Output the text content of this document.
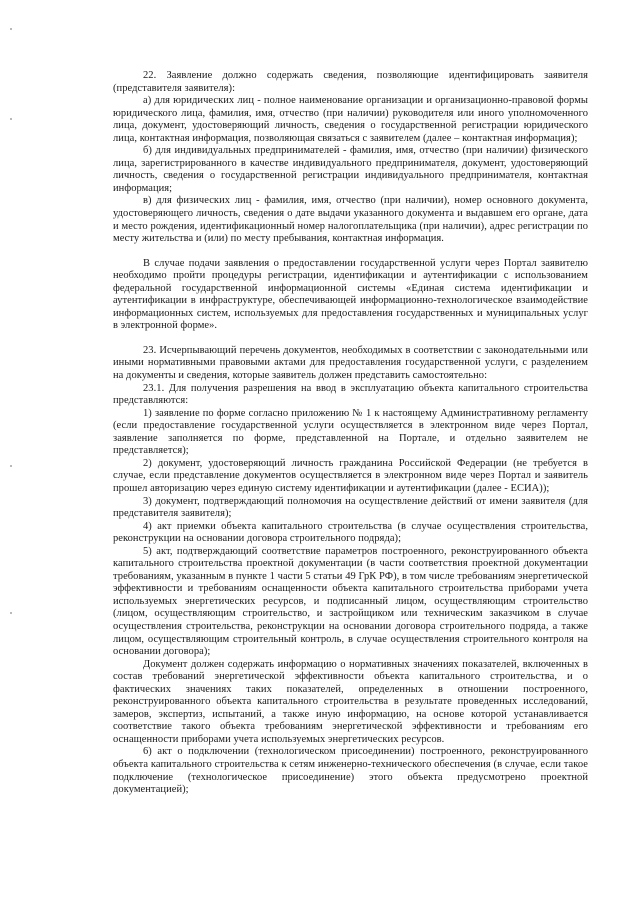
22. Заявление должно содержать сведения, позволяющие идентифицировать заявителя (представителя заявителя):

а) для юридических лиц - полное наименование организации и организационно-правовой формы юридического лица, фамилия, имя, отчество (при наличии) руководителя или иного уполномоченного лица, документ, удостоверяющий личность, сведения о государственной регистрации юридического лица, контактная информация, позволяющая связаться с заявителем (далее – контактная информация);

б) для индивидуальных предпринимателей - фамилия, имя, отчество (при наличии) физического лица, зарегистрированного в качестве индивидуального предпринимателя, документ, удостоверяющий личность, сведения о государственной регистрации индивидуального предпринимателя, контактная информация;

в) для физических лиц - фамилия, имя, отчество (при наличии), номер основного документа, удостоверяющего личность, сведения о дате выдачи указанного документа и выдавшем его органе, дата и место рождения, идентификационный номер налогоплательщика (при наличии), адрес регистрации по месту жительства и (или) по месту пребывания, контактная информация.

В случае подачи заявления о предоставлении государственной услуги через Портал заявителю необходимо пройти процедуры регистрации, идентификации и аутентификации с использованием федеральной государственной информационной системы «Единая система идентификации и аутентификации в инфраструктуре, обеспечивающей информационно-технологическое взаимодействие информационных систем, используемых для предоставления государственных и муниципальных услуг в электронной форме».

23. Исчерпывающий перечень документов, необходимых в соответствии с законодательными или иными нормативными правовыми актами для предоставления государственной услуги, с разделением на документы и сведения, которые заявитель должен представить самостоятельно:

23.1. Для получения разрешения на ввод в эксплуатацию объекта капитального строительства представляются:

1) заявление по форме согласно приложению № 1 к настоящему Административному регламенту (если предоставление государственной услуги осуществляется в электронном виде через Портал, заявление заполняется по форме, представленной на Портале, и отдельно заявителем не представляется);

2) документ, удостоверяющий личность гражданина Российской Федерации (не требуется в случае, если представление документов осуществляется в электронном виде через Портал и заявитель прошел авторизацию через единую систему идентификации и аутентификации (далее - ЕСИА));

3) документ, подтверждающий полномочия на осуществление действий от имени заявителя (для представителя заявителя);

4) акт приемки объекта капитального строительства (в случае осуществления строительства, реконструкции на основании договора строительного подряда);

5) акт, подтверждающий соответствие параметров построенного, реконструированного объекта капитального строительства проектной документации (в части соответствия проектной документации требованиям, указанным в пункте 1 части 5 статьи 49 ГрК РФ), в том числе требованиям энергетической эффективности и требованиям оснащенности объекта капитального строительства приборами учета используемых энергетических ресурсов, и подписанный лицом, осуществляющим строительство (лицом, осуществляющим строительство, и застройщиком или техническим заказчиком в случае осуществления строительства, реконструкции на основании договора строительного подряда, а также лицом, осуществляющим строительный контроль, в случае осуществления строительного контроля на основании договора);

Документ должен содержать информацию о нормативных значениях показателей, включенных в состав требований энергетической эффективности объекта капитального строительства, и о фактических значениях таких показателей, определенных в отношении построенного, реконструированного объекта капитального строительства в результате проведенных исследований, замеров, экспертиз, испытаний, а также иную информацию, на основе которой устанавливается соответствие такого объекта требованиям энергетической эффективности и требованиям его оснащенности приборами учета используемых энергетических ресурсов.

6) акт о подключении (технологическом присоединении) построенного, реконструированного объекта капитального строительства к сетям инженерно-технического обеспечения (в случае, если такое подключение (технологическое присоединение) этого объекта предусмотрено проектной документацией);
